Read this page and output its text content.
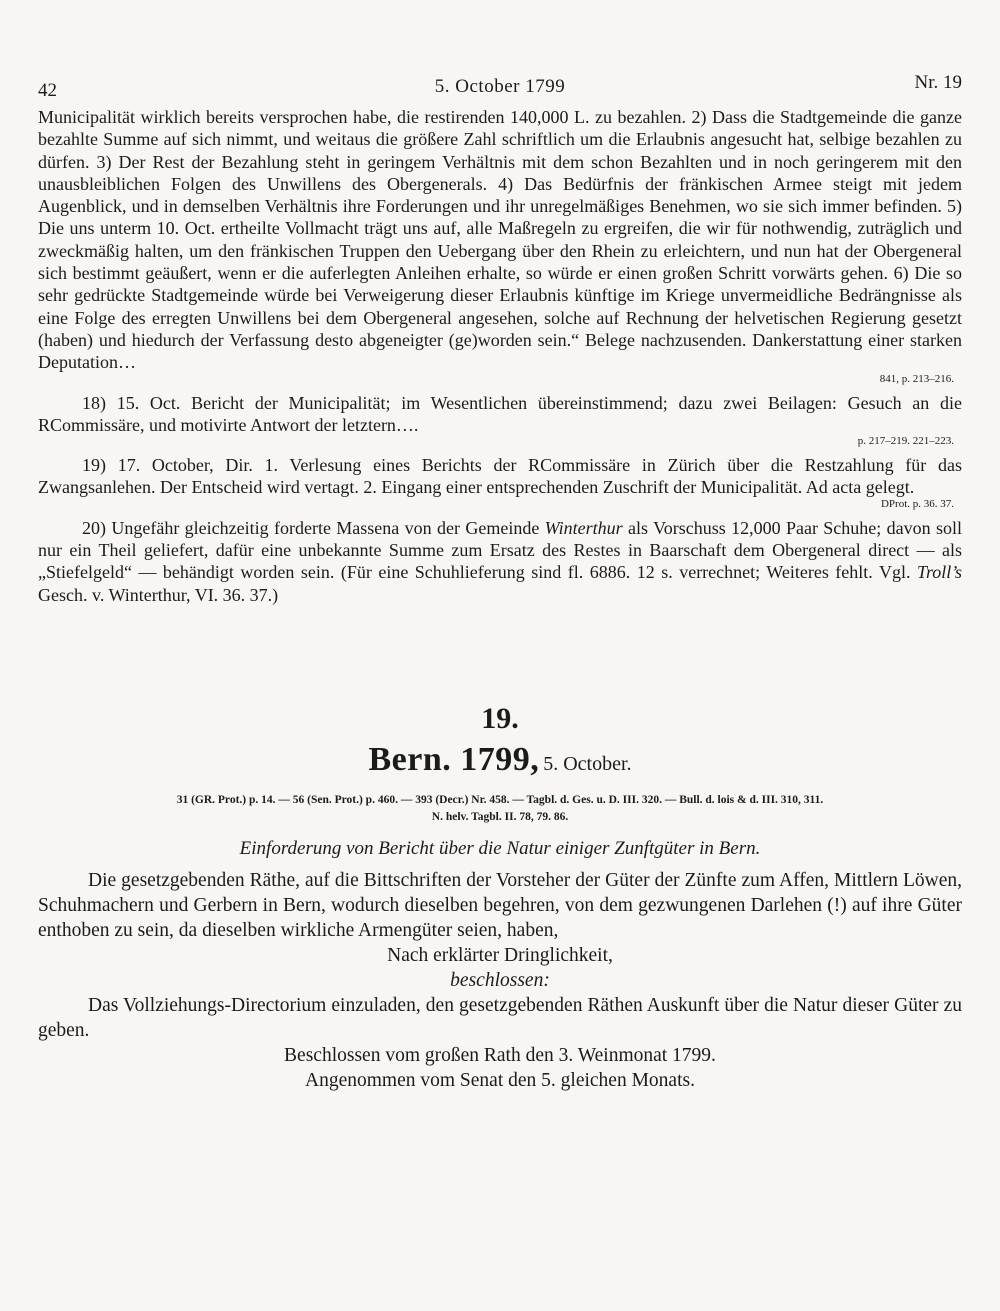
42	5. October 1799	Nr. 19

Municipalität wirklich bereits versprochen habe, die restirenden 140,000 L. zu bezahlen. 2) Dass die Stadtgemeinde die ganze bezahlte Summe auf sich nimmt, und weitaus die größere Zahl schriftlich um die Erlaubnis angesucht hat, selbige bezahlen zu dürfen. 3) Der Rest der Bezahlung steht in geringem Verhältnis mit dem schon Bezahlten und in noch geringerem mit den unausbleiblichen Folgen des Unwillens des Obergenerals. 4) Das Bedürfnis der fränkischen Armee steigt mit jedem Augenblick, und in demselben Verhältnis ihre Forderungen und ihr unregelmäßiges Benehmen, wo sie sich immer befinden. 5) Die uns unterm 10. Oct. ertheilte Vollmacht trägt uns auf, alle Maßregeln zu ergreifen, die wir für nothwendig, zuträglich und zweckmäßig halten, um den fränkischen Truppen den Uebergang über den Rhein zu erleichtern, und nun hat der Obergeneral sich bestimmt geäußert, wenn er die auferlegten Anleihen erhalte, so würde er einen großen Schritt vorwärts gehen. 6) Die so sehr gedrückte Stadtgemeinde würde bei Verweigerung dieser Erlaubnis künftige im Kriege unvermeidliche Bedrängnisse als eine Folge des erregten Unwillens bei dem Obergeneral angesehen, solche auf Rechnung der helvetischen Regierung gesetzt (haben) und hiedurch der Verfassung desto abgeneigter (ge)worden sein.“ Belege nachzusenden. Dankerstattung einer starken Deputation…

841, p. 213–216.

18) 15. Oct. Bericht der Municipalität; im Wesentlichen übereinstimmend; dazu zwei Beilagen: Gesuch an die RCommissäre, und motivirte Antwort der letztern….

p. 217–219. 221–223.

19) 17. October, Dir. 1. Verlesung eines Berichts der RCommissäre in Zürich über die Restzahlung für das Zwangsanlehen. Der Entscheid wird vertagt. 2. Eingang einer entsprechenden Zuschrift der Municipalität. Ad acta gelegt.

DProt. p. 36. 37.

20) Ungefähr gleichzeitig forderte Massena von der Gemeinde Winterthur als Vorschuss 12,000 Paar Schuhe; davon soll nur ein Theil geliefert, dafür eine unbekannte Summe zum Ersatz des Restes in Baarschaft dem Obergeneral direct — als „Stiefelgeld“ — behändigt worden sein. (Für eine Schuhlieferung sind fl. 6886. 12 s. verrechnet; Weiteres fehlt. Vgl. Troll’s Gesch. v. Winterthur, VI. 36. 37.)

19.

Bern. 1799, 5. October.

31 (GR. Prot.) p. 14. — 56 (Sen. Prot.) p. 460. — 393 (Decr.) Nr. 458. — Tagbl. d. Ges. u. D. III. 320. — Bull. d. lois & d. III. 310, 311.
N. helv. Tagbl. II. 78, 79. 86.

Einforderung von Bericht über die Natur einiger Zunftgüter in Bern.

Die gesetzgebenden Räthe, auf die Bittschriften der Vorsteher der Güter der Zünfte zum Affen, Mittlern Löwen, Schuhmachern und Gerbern in Bern, wodurch dieselben begehren, von dem gezwungenen Darlehen (!) auf ihre Güter enthoben zu sein, da dieselben wirkliche Armengüter seien, haben,

Nach erklärter Dringlichkeit,

beschlossen:

Das Vollziehungs-Directorium einzuladen, den gesetzgebenden Räthen Auskunft über die Natur dieser Güter zu geben.

Beschlossen vom großen Rath den 3. Weinmonat 1799.

Angenommen vom Senat den 5. gleichen Monats.
